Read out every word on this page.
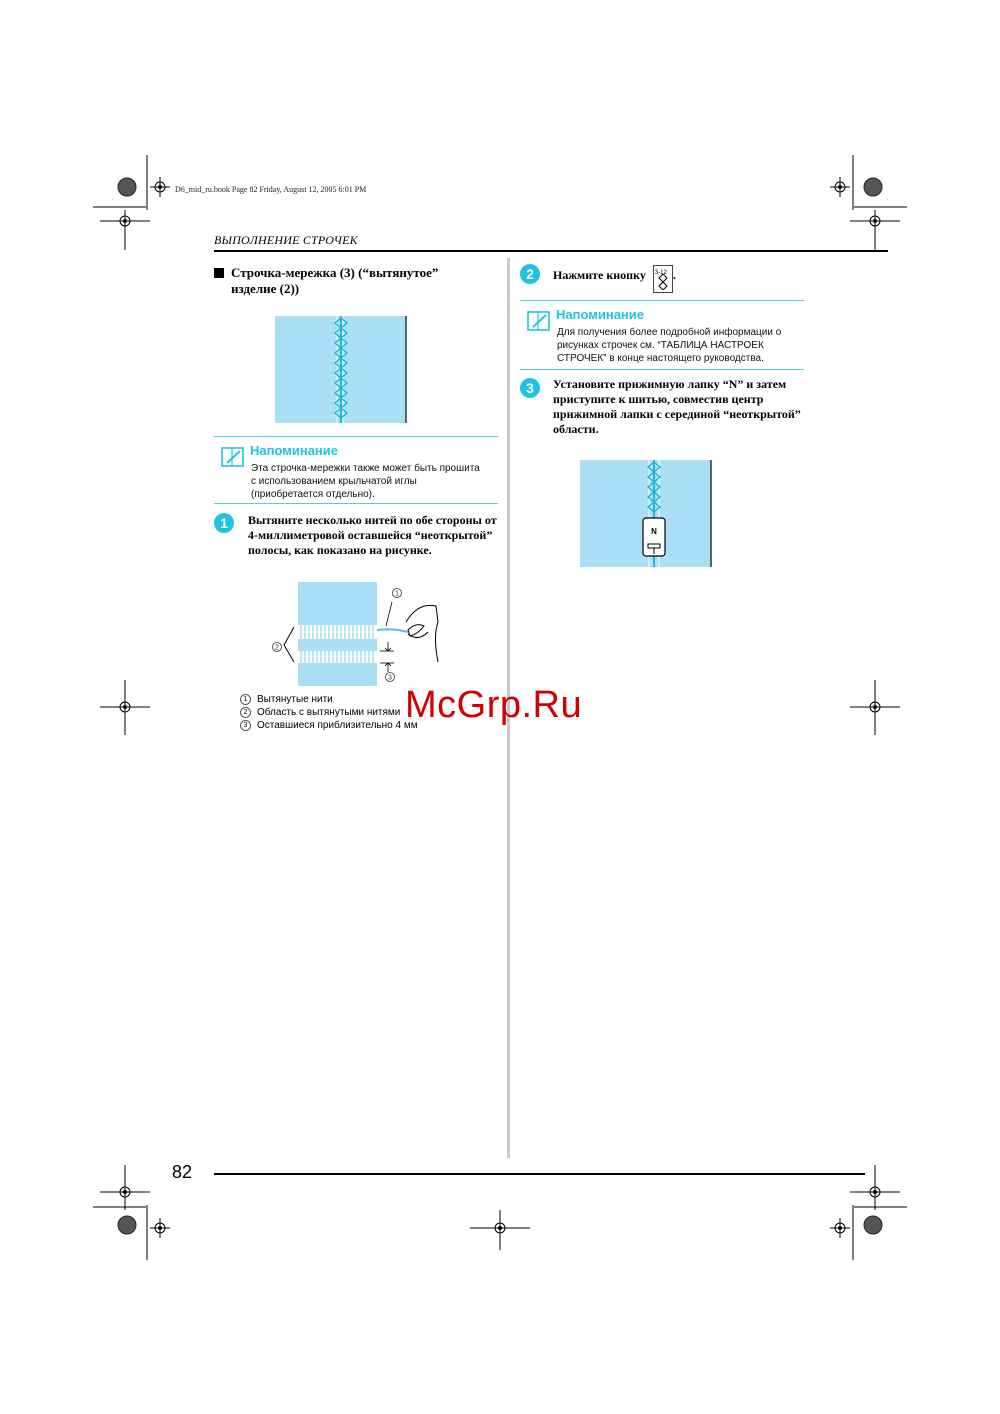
D6_mid_ru.book Page 82 Friday, August 12, 2005 6:01 PM
ВЫПОЛНЕНИЕ СТРОЧЕК
Строчка-мережка (3) (“вытянутое”
изделие (2))
Напоминание
Эта строчка-мережки также может быть прошита
с использованием крыльчатой иглы
(приобретается отдельно).
1	Вытяните несколько нитей по обе стороны от
4-миллиметровой оставшейся “неоткрытой”
полосы, как показано на рисунке.
1
2
3
1 Вытянутые нити
2 Область с вытянутыми нитями
3 Оставшиеся приблизительно 4 мм
2	Нажмите кнопку 3-12 .
Напоминание
Для получения более подробной информации о
рисунках строчек см. “ТАБЛИЦА НАСТРОЕК
СТРОЧЕК” в конце настоящего руководства.
3	Установите прижимную лапку “N” и затем
приступите к шитью, совместив центр
прижимной лапки с серединой “неоткрытой”
области.
N
82
McGrp.Ru
